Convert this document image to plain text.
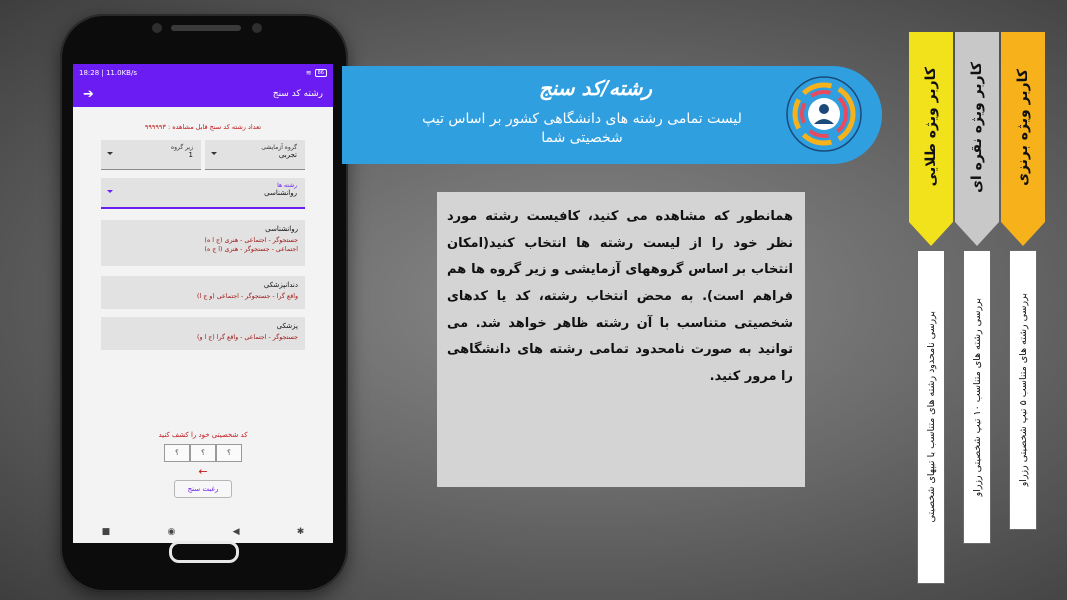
18:28 | 11.0KB/s	≋	86
رشته کد سنج
➔
تعداد رشته کد سنج قابل مشاهده : ۹۹۹۹۹۳
گروه آزمایشی
تجربی
زیر گروه
1
رشته ها
روانشناسی
روانشناسی
جستجوگر - اجتماعی - هنری (ج ا ه)
اجتماعی - جستجوگر - هنری (ا ج ه)
دندانپزشکی
واقع گرا - جستجوگر - اجتماعی (و ج ا)
پزشکی
جستجوگر - اجتماعی - واقع گرا (ج ا و)
کد شخصیتی خود را کشف کنید
؟	؟	؟
←
رغبت سنج
■	◉	◀	✱
رشته/کد سنج
لیست تمامی رشته های دانشگاهی کشور بر اساس تیپ شخصیتی شما
همانطور که مشاهده می کنید، کافیست رشته مورد نظر خود را از لیست رشته ها انتخاب کنید(امکان انتخاب بر اساس گروههای آزمایشی و زیر گروه ها هم فراهم است). به محض انتخاب رشته، کد یا کدهای شخصیتی متناسب با آن رشته ظاهر خواهد شد. می توانید به صورت نامحدود تمامی رشته های دانشگاهی را مرور کنید.
کاربر ویژه برنزی
بررسی رشته های متناسب ۵ تیپ شخصیتی رزراو
کاربر ویژه نقره ای
بررسی رشته های متناسب ۱۰ تیپ شخصیتی رزراو
کاربر ویژه طلایی
بررسی نامحدود رشته های متناسب با تیپهای شخصیتی
